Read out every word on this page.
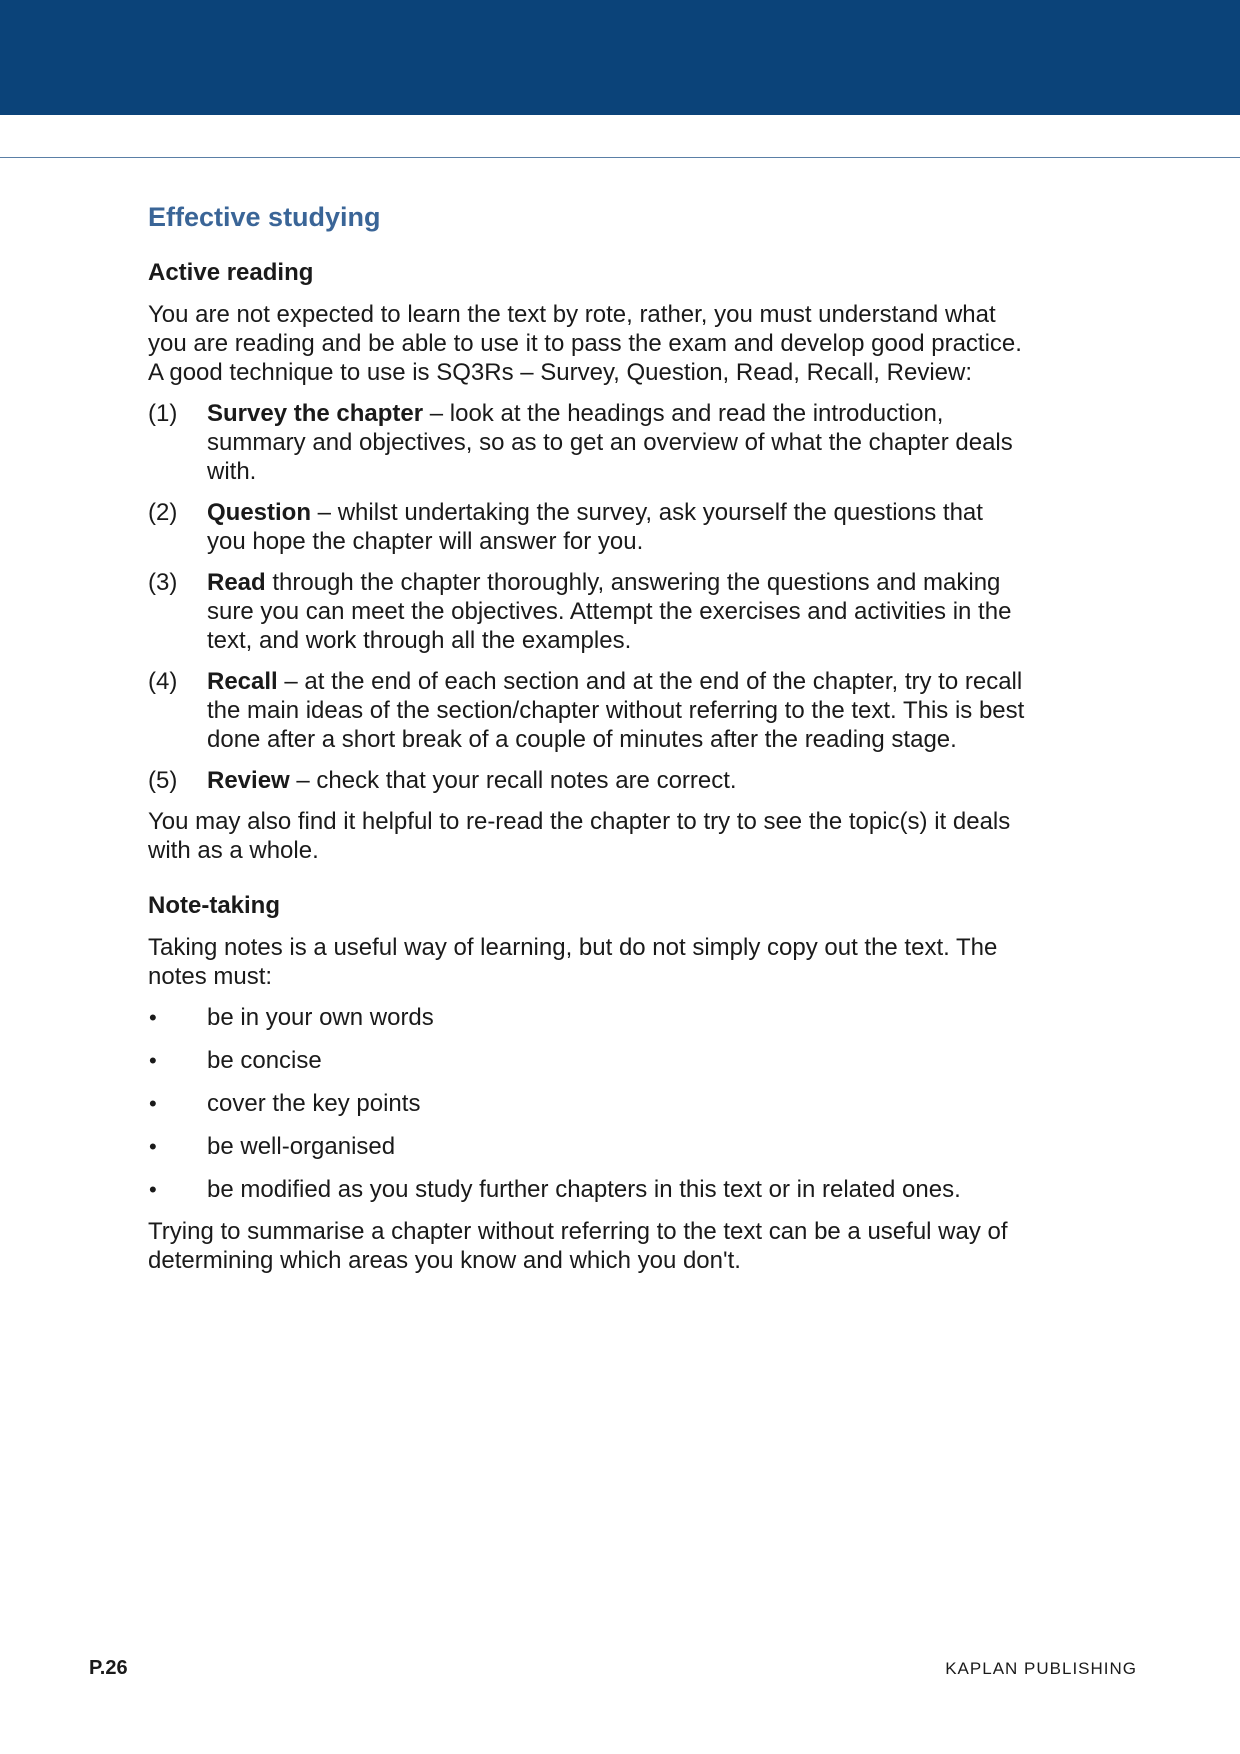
Effective studying
Active reading

You are not expected to learn the text by rote, rather, you must understand what you are reading and be able to use it to pass the exam and develop good practice. A good technique to use is SQ3Rs – Survey, Question, Read, Recall, Review:

(1) Survey the chapter – look at the headings and read the introduction, summary and objectives, so as to get an overview of what the chapter deals with.
(2) Question – whilst undertaking the survey, ask yourself the questions that you hope the chapter will answer for you.
(3) Read through the chapter thoroughly, answering the questions and making sure you can meet the objectives. Attempt the exercises and activities in the text, and work through all the examples.
(4) Recall – at the end of each section and at the end of the chapter, try to recall the main ideas of the section/chapter without referring to the text. This is best done after a short break of a couple of minutes after the reading stage.
(5) Review – check that your recall notes are correct.

You may also find it helpful to re-read the chapter to try to see the topic(s) it deals with as a whole.

Note-taking

Taking notes is a useful way of learning, but do not simply copy out the text. The notes must:

• be in your own words
• be concise
• cover the key points
• be well-organised
• be modified as you study further chapters in this text or in related ones.

Trying to summarise a chapter without referring to the text can be a useful way of determining which areas you know and which you don't.

P.26	KAPLAN PUBLISHING
